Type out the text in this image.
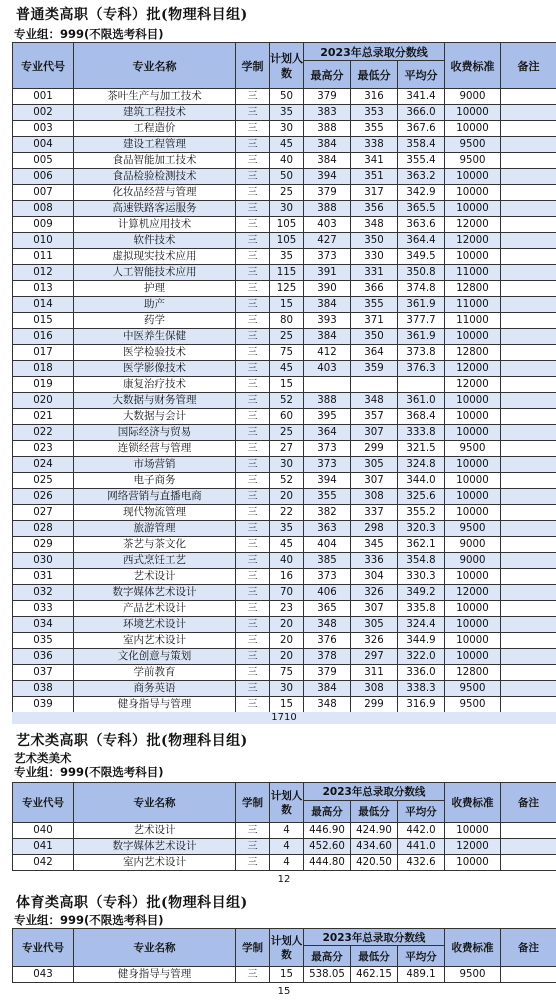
普通类高职（专科）批(物理科目组)
专业组：999(不限选考科目)
专业代号	专业名称	学制	计划人数	2023年总录取分数线			收费标准	备注
				最高分	最低分	平均分		
001	茶叶生产与加工技术	三	50	379	316	341.4	9000	
002	建筑工程技术	三	35	383	353	366.0	10000	
003	工程造价	三	30	388	355	367.6	10000	
004	建设工程管理	三	45	384	338	358.4	9500	
005	食品智能加工技术	三	40	384	341	355.4	9500	
006	食品检验检测技术	三	50	394	351	363.2	10000	
007	化妆品经营与管理	三	25	379	317	342.9	10000	
008	高速铁路客运服务	三	30	388	356	365.5	10000	
009	计算机应用技术	三	105	403	348	363.6	12000	
010	软件技术	三	105	427	350	364.4	12000	
011	虚拟现实技术应用	三	35	373	330	349.5	10000	
012	人工智能技术应用	三	115	391	331	350.8	11000	
013	护理	三	125	390	366	374.8	12800	
014	助产	三	15	384	355	361.9	11000	
015	药学	三	80	393	371	377.7	11000	
016	中医养生保健	三	25	384	350	361.9	10000	
017	医学检验技术	三	75	412	364	373.8	12800	
018	医学影像技术	三	45	403	359	376.3	12000	
019	康复治疗技术	三	15				12000	
020	大数据与财务管理	三	52	388	348	361.0	10000	
021	大数据与会计	三	60	395	357	368.4	10000	
022	国际经济与贸易	三	25	364	307	333.8	10000	
023	连锁经营与管理	三	27	373	299	321.5	9500	
024	市场营销	三	30	373	305	324.8	10000	
025	电子商务	三	52	394	307	344.0	10000	
026	网络营销与直播电商	三	20	355	308	325.6	10000	
027	现代物流管理	三	22	382	337	355.2	10000	
028	旅游管理	三	35	363	298	320.3	9500	
029	茶艺与茶文化	三	45	404	345	362.1	9000	
030	西式烹饪工艺	三	40	385	336	354.8	9000	
031	艺术设计	三	16	373	304	330.3	10000	
032	数字媒体艺术设计	三	70	406	326	349.2	12000	
033	产品艺术设计	三	23	365	307	335.8	10000	
034	环境艺术设计	三	20	348	305	324.4	10000	
035	室内艺术设计	三	20	376	326	344.9	10000	
036	文化创意与策划	三	20	378	297	322.0	10000	
037	学前教育	三	75	379	311	336.0	12800	
038	商务英语	三	30	384	308	338.3	9500	
039	健身指导与管理	三	15	348	299	316.9	9500	
1710
艺术类高职（专科）批(物理科目组)
艺术类美术
专业组：999(不限选考科目)
专业代号	专业名称	学制	计划人数	2023年总录取分数线			收费标准	备注
				最高分	最低分	平均分		
040	艺术设计	三	4	446.90	424.90	442.0	10000	
041	数字媒体艺术设计	三	4	452.60	434.60	441.0	12000	
042	室内艺术设计	三	4	444.80	420.50	432.6	10000	
12
体育类高职（专科）批(物理科目组)
专业组：999(不限选考科目)
专业代号	专业名称	学制	计划人数	2023年总录取分数线			收费标准	备注
				最高分	最低分	平均分		
043	健身指导与管理	三	15	538.05	462.15	489.1	9500	
15
